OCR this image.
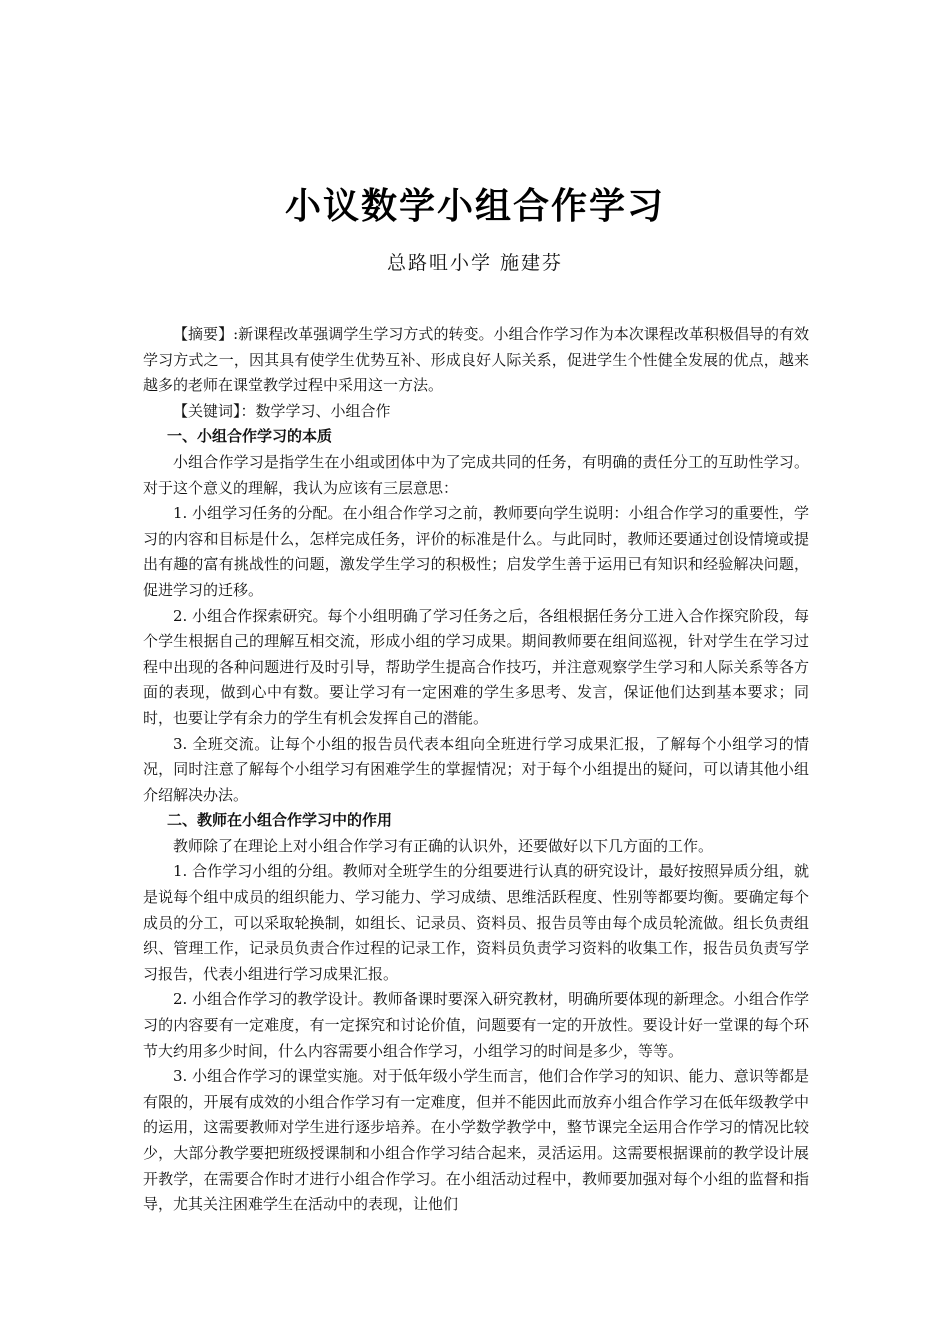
小议数学小组合作学习
总路咀小学 施建芬

【摘要】:新课程改革强调学生学习方式的转变。小组合作学习作为本次课程改革积极倡导的有效学习方式之一，因其具有使学生优势互补、形成良好人际关系，促进学生个性健全发展的优点，越来越多的老师在课堂教学过程中采用这一方法。

【关键词】：数学学习、小组合作

一、小组合作学习的本质

小组合作学习是指学生在小组或团体中为了完成共同的任务，有明确的责任分工的互助性学习。对于这个意义的理解，我认为应该有三层意思：

1. 小组学习任务的分配。在小组合作学习之前，教师要向学生说明：小组合作学习的重要性，学习的内容和目标是什么，怎样完成任务，评价的标准是什么。与此同时，教师还要通过创设情境或提出有趣的富有挑战性的问题，激发学生学习的积极性；启发学生善于运用已有知识和经验解决问题，促进学习的迁移。

2. 小组合作探索研究。每个小组明确了学习任务之后，各组根据任务分工进入合作探究阶段，每个学生根据自己的理解互相交流，形成小组的学习成果。期间教师要在组间巡视，针对学生在学习过程中出现的各种问题进行及时引导，帮助学生提高合作技巧，并注意观察学生学习和人际关系等各方面的表现，做到心中有数。要让学习有一定困难的学生多思考、发言，保证他们达到基本要求；同时，也要让学有余力的学生有机会发挥自己的潜能。

3. 全班交流。让每个小组的报告员代表本组向全班进行学习成果汇报，了解每个小组学习的情况，同时注意了解每个小组学习有困难学生的掌握情况；对于每个小组提出的疑问，可以请其他小组介绍解决办法。

二、教师在小组合作学习中的作用

教师除了在理论上对小组合作学习有正确的认识外，还要做好以下几方面的工作。

1. 合作学习小组的分组。教师对全班学生的分组要进行认真的研究设计，最好按照异质分组，就是说每个组中成员的组织能力、学习能力、学习成绩、思维活跃程度、性别等都要均衡。要确定每个成员的分工，可以采取轮换制，如组长、记录员、资料员、报告员等由每个成员轮流做。组长负责组织、管理工作，记录员负责合作过程的记录工作，资料员负责学习资料的收集工作，报告员负责写学习报告，代表小组进行学习成果汇报。

2. 小组合作学习的教学设计。教师备课时要深入研究教材，明确所要体现的新理念。小组合作学习的内容要有一定难度，有一定探究和讨论价值，问题要有一定的开放性。要设计好一堂课的每个环节大约用多少时间，什么内容需要小组合作学习，小组学习的时间是多少，等等。

3. 小组合作学习的课堂实施。对于低年级小学生而言，他们合作学习的知识、能力、意识等都是有限的，开展有成效的小组合作学习有一定难度，但并不能因此而放弃小组合作学习在低年级教学中的运用，这需要教师对学生进行逐步培养。在小学数学教学中，整节课完全运用合作学习的情况比较少，大部分教学要把班级授课制和小组合作学习结合起来，灵活运用。这需要根据课前的教学设计展开教学，在需要合作时才进行小组合作学习。在小组活动过程中，教师要加强对每个小组的监督和指导，尤其关注困难学生在活动中的表现，让他们
